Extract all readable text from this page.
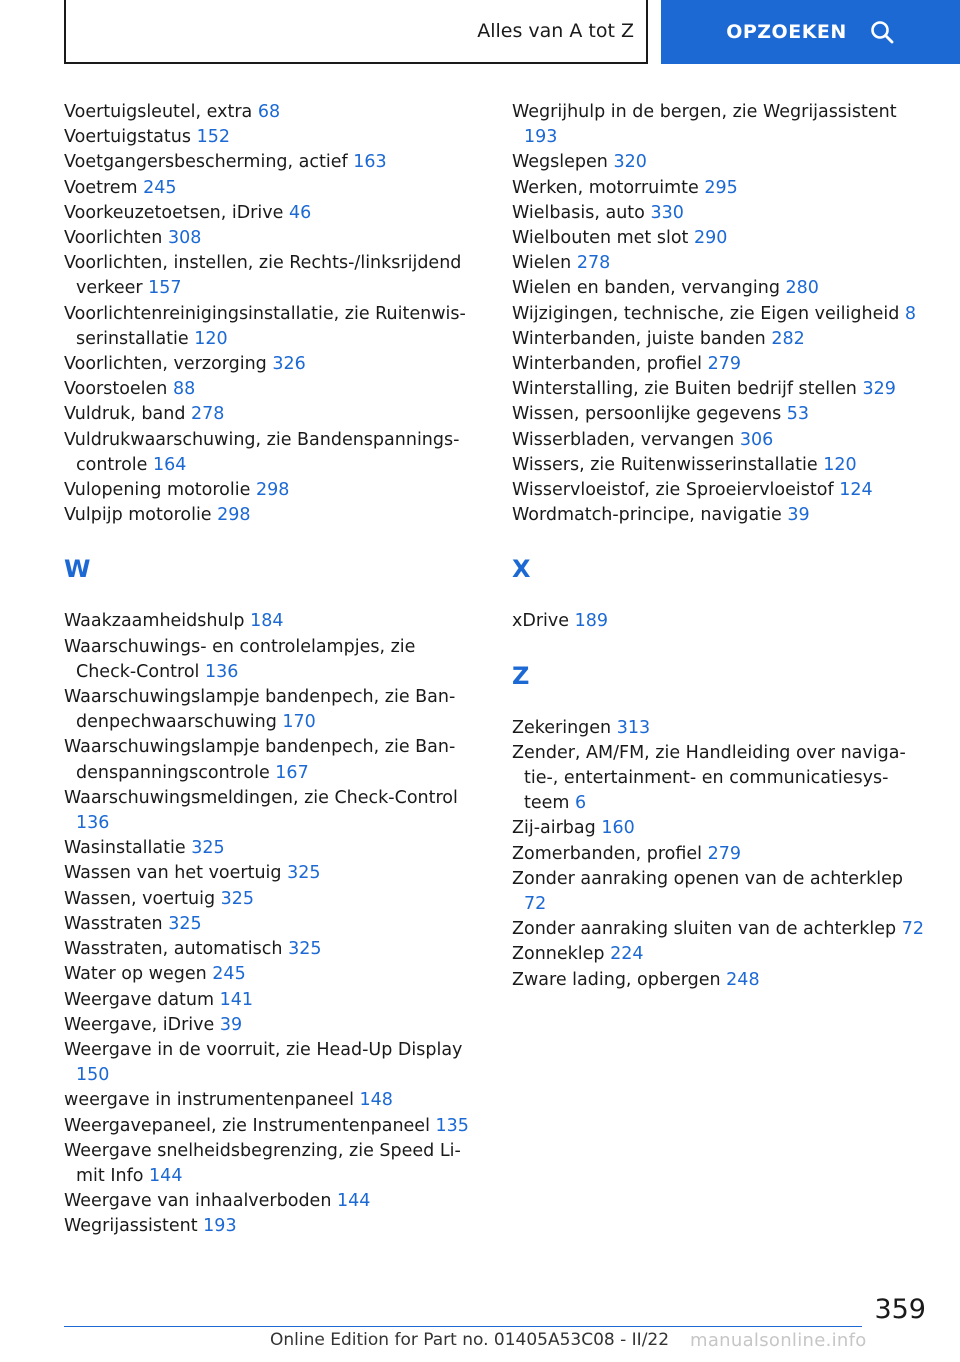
Alles van A tot Z	OPZOEKEN
Voertuigsleutel, extra 68
Voertuigstatus 152
Voetgangersbescherming, actief 163
Voetrem 245
Voorkeuzetoetsen, iDrive 46
Voorlichten 308
Voorlichten, instellen, zie Rechts-/linksrijdend verkeer 157
Voorlichtenreinigingsinstallatie, zie Ruitenwisserinstallatie 120
Voorlichten, verzorging 326
Voorstoelen 88
Vuldruk, band 278
Vuldrukwaarschuwing, zie Bandenspanningscontrole 164
Vulopening motorolie 298
Vulpijp motorolie 298
W
Waakzaamheidshulp 184
Waarschuwings- en controlelampjes, zie Check-Control 136
Waarschuwingslampje bandenpech, zie Bandenpechwaarschuwing 170
Waarschuwingslampje bandenpech, zie Bandenspanningscontrole 167
Waarschuwingsmeldingen, zie Check-Control 136
Wasinstallatie 325
Wassen van het voertuig 325
Wassen, voertuig 325
Wasstraten 325
Wasstraten, automatisch 325
Water op wegen 245
Weergave datum 141
Weergave, iDrive 39
Weergave in de voorruit, zie Head-Up Display 150
weergave in instrumentenpaneel 148
Weergavepaneel, zie Instrumentenpaneel 135
Weergave snelheidsbegrenzing, zie Speed Limit Info 144
Weergave van inhaalverboden 144
Wegrijassistent 193
Wegrijhulp in de bergen, zie Wegrijassistent 193
Wegslepen 320
Werken, motorruimte 295
Wielbasis, auto 330
Wielbouten met slot 290
Wielen 278
Wielen en banden, vervanging 280
Wijzigingen, technische, zie Eigen veiligheid 8
Winterbanden, juiste banden 282
Winterbanden, profiel 279
Winterstalling, zie Buiten bedrijf stellen 329
Wissen, persoonlijke gegevens 53
Wisserbladen, vervangen 306
Wissers, zie Ruitenwisserinstallatie 120
Wisservloeistof, zie Sproeiervloeistof 124
Wordmatch-principe, navigatie 39
X
xDrive 189
Z
Zekeringen 313
Zender, AM/FM, zie Handleiding over navigatie-, entertainment- en communicatiesysteem 6
Zij-airbag 160
Zomerbanden, profiel 279
Zonder aanraking openen van de achterklep 72
Zonder aanraking sluiten van de achterklep 72
Zonneklep 224
Zware lading, opbergen 248
359
Online Edition for Part no. 01405A53C08 - II/22 manualsonline.info
